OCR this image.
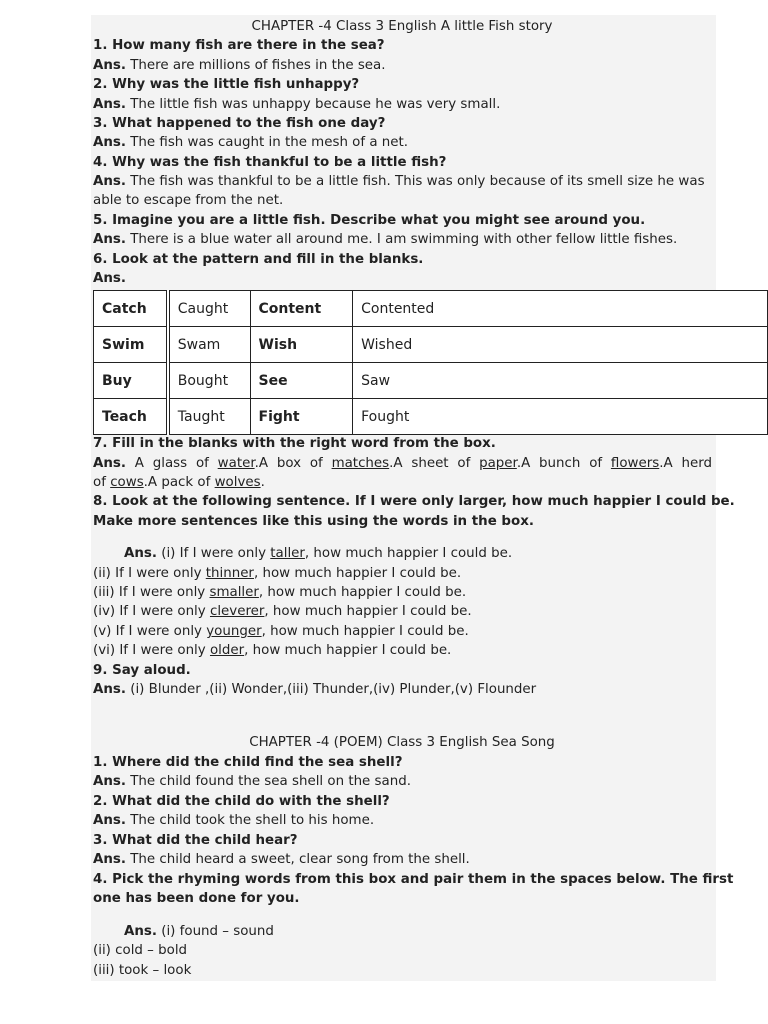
CHAPTER -4 Class 3 English A little Fish story
1. How many fish are there in the sea?
Ans. There are millions of fishes in the sea.
2. Why was the little fish unhappy?
Ans. The little fish was unhappy because he was very small.
3. What happened to the fish one day?
Ans. The fish was caught in the mesh of a net.
4. Why was the fish thankful to be a little fish?
Ans. The fish was thankful to be a little fish. This was only because of its smell size he was
able to escape from the net.
5. Imagine you are a little fish. Describe what you might see around you.
Ans. There is a blue water all around me. I am swimming with other fellow little fishes.
6. Look at the pattern and fill in the blanks.
Ans.
Catch	Caught	Content	Contented
Swim	Swam	Wish	Wished
Buy	Bought	See	Saw
Teach	Taught	Fight	Fought
7. Fill in the blanks with the right word from the box.
Ans. A glass of water.A box of matches.A sheet of paper.A bunch of flowers.A herd
of cows.A pack of wolves.
8. Look at the following sentence. If I were only larger, how much happier I could be.
Make more sentences like this using the words in the box.
Ans. (i) If I were only taller, how much happier I could be.
(ii) If I were only thinner, how much happier I could be.
(iii) If I were only smaller, how much happier I could be.
(iv) If I were only cleverer, how much happier I could be.
(v) If I were only younger, how much happier I could be.
(vi) If I were only older, how much happier I could be.
9. Say aloud.
Ans. (i) Blunder ,(ii) Wonder,(iii) Thunder,(iv) Plunder,(v) Flounder
CHAPTER -4 (POEM) Class 3 English Sea Song
1. Where did the child find the sea shell?
Ans. The child found the sea shell on the sand.
2. What did the child do with the shell?
Ans. The child took the shell to his home.
3. What did the child hear?
Ans. The child heard a sweet, clear song from the shell.
4. Pick the rhyming words from this box and pair them in the spaces below. The first
one has been done for you.
Ans. (i) found – sound
(ii) cold – bold
(iii) took – look
